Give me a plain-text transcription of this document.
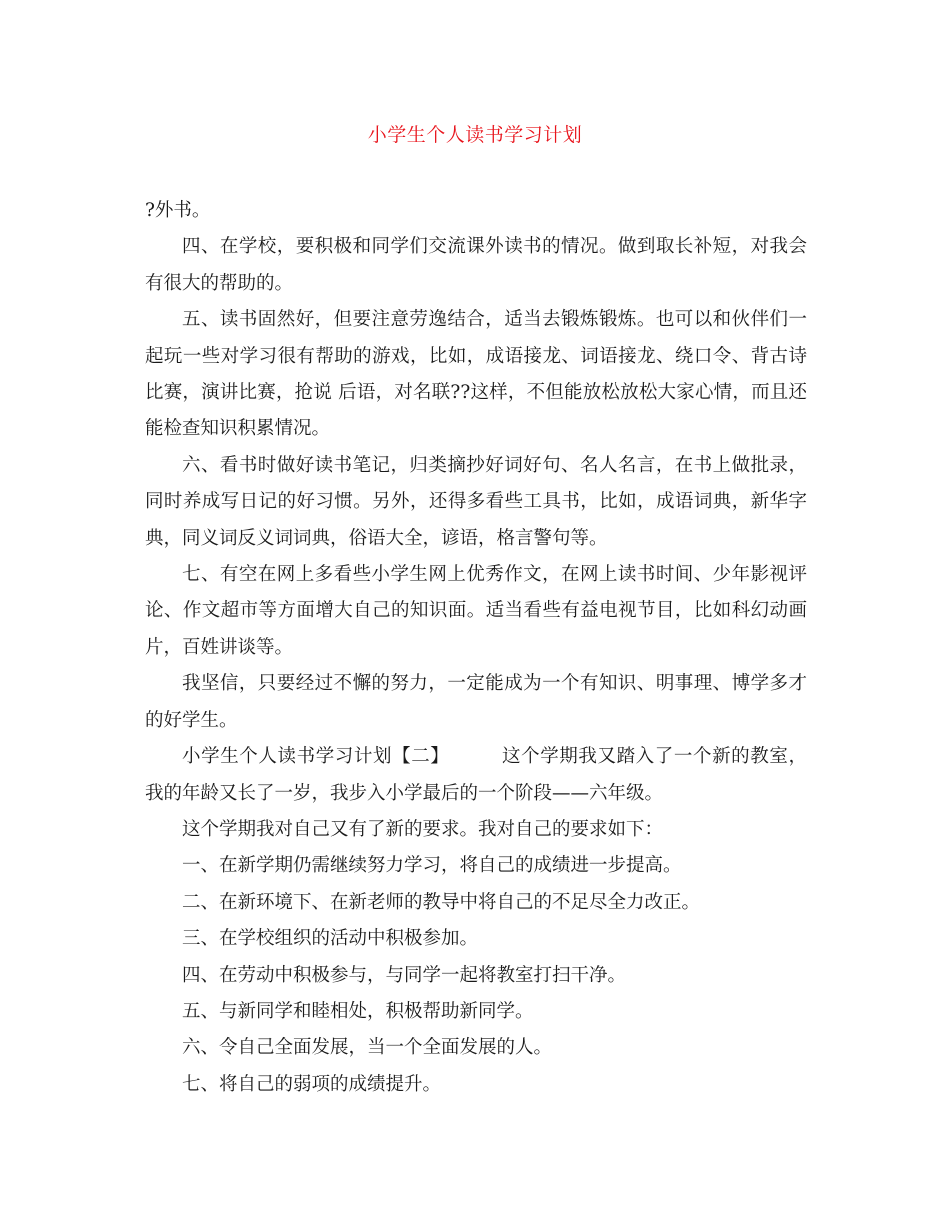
小学生个人读书学习计划

?外书。

四、在学校，要积极和同学们交流课外读书的情况。做到取长补短，对我会有很大的帮助的。

五、读书固然好，但要注意劳逸结合，适当去锻炼锻炼。也可以和伙伴们一起玩一些对学习很有帮助的游戏，比如，成语接龙、词语接龙、绕口令、背古诗比赛，演讲比赛，抢说 后语，对名联??这样，不但能放松放松大家心情，而且还能检查知识积累情况。

六、看书时做好读书笔记，归类摘抄好词好句、名人名言，在书上做批录，同时养成写日记的好习惯。另外，还得多看些工具书，比如，成语词典，新华字典，同义词反义词词典，俗语大全，谚语，格言警句等。

七、有空在网上多看些小学生网上优秀作文，在网上读书时间、少年影视评论、作文超市等方面增大自己的知识面。适当看些有益电视节目，比如科幻动画片，百姓讲谈等。

我坚信，只要经过不懈的努力，一定能成为一个有知识、明事理、博学多才的好学生。

小学生个人读书学习计划【二】	这个学期我又踏入了一个新的教室，我的年龄又长了一岁，我步入小学最后的一个阶段——六年级。

这个学期我对自己又有了新的要求。我对自己的要求如下：

一、在新学期仍需继续努力学习，将自己的成绩进一步提高。

二、在新环境下、在新老师的教导中将自己的不足尽全力改正。

三、在学校组织的活动中积极参加。

四、在劳动中积极参与，与同学一起将教室打扫干净。

五、与新同学和睦相处，积极帮助新同学。

六、令自己全面发展，当一个全面发展的人。

七、将自己的弱项的成绩提升。
